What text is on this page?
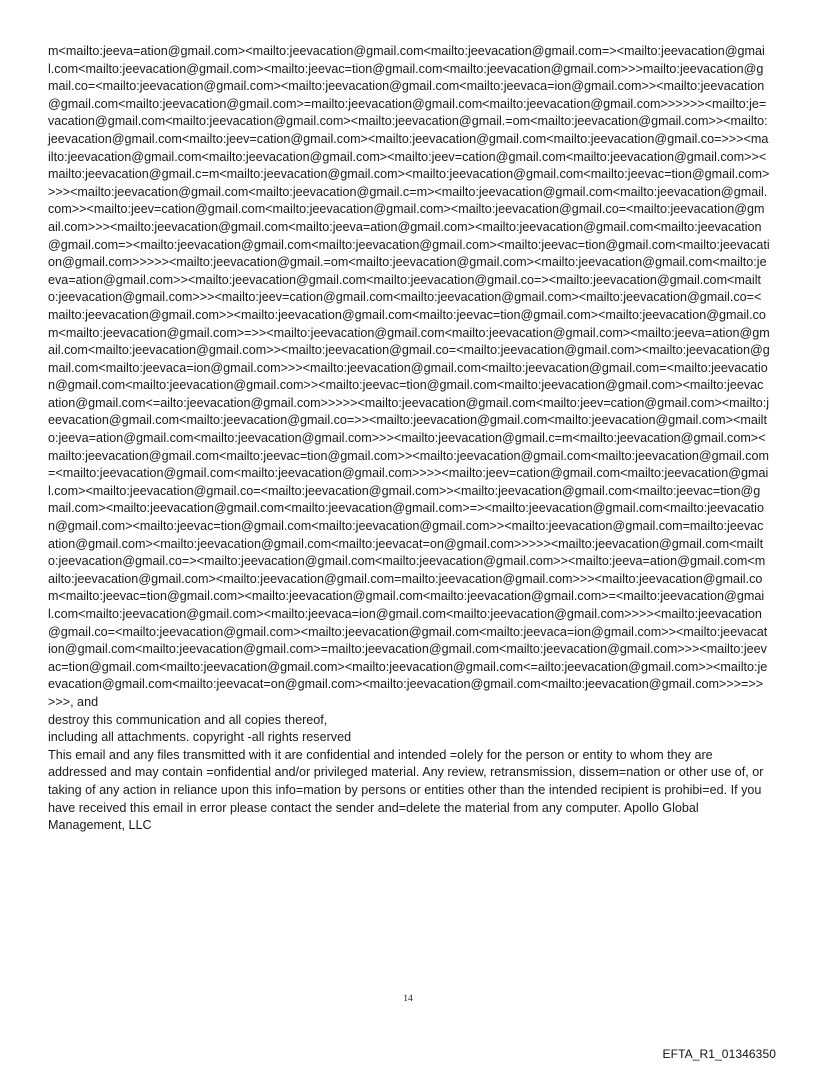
m<mailto:jeeva=ation@gmail.com><mailto:jeevacation@gmail.com<mailto:jeevacation@gmail.com=><mailto:jeevacation@gmail.com<mailto:jeevacation@gmail.com><mailto:jeevac=tion@gmail.com<mailto:jeevacation@gmail.com>>>mailto:jeevacation@gmail.co=<mailto:jeevacation@gmail.com><mailto:jeevacation@gmail.com<mailto:jeevaca=ion@gmail.com>><mailto:jeevacation@gmail.com<mailto:jeevacation@gmail.com>=mailto:jeevacation@gmail.com<mailto:jeevacation@gmail.com>>>>>><mailto:je=vacation@gmail.com<mailto:jeevacation@gmail.com><mailto:jeevacation@gmail.=om<mailto:jeevacation@gmail.com>><mailto:jeevacation@gmail.com<mailto:jeev=cation@gmail.com><mailto:jeevacation@gmail.com<mailto:jeevacation@gmail.co=>>><mailto:jeevacation@gmail.com<mailto:jeevacation@gmail.com><mailto:jeev=cation@gmail.com<mailto:jeevacation@gmail.com>><mailto:jeevacation@gmail.c=m<mailto:jeevacation@gmail.com><mailto:jeevacation@gmail.com<mailto:jeevac=tion@gmail.com>>>><mailto:jeevacation@gmail.com<mailto:jeevacation@gmail.c=m><mailto:jeevacation@gmail.com<mailto:jeevacation@gmail.com>><mailto:jeev=cation@gmail.com<mailto:jeevacation@gmail.com><mailto:jeevacation@gmail.co=<mailto:jeevacation@gmail.com>>><mailto:jeevacation@gmail.com<mailto:jeeva=ation@gmail.com><mailto:jeevacation@gmail.com<mailto:jeevacation@gmail.com=><mailto:jeevacation@gmail.com<mailto:jeevacation@gmail.com><mailto:jeevac=tion@gmail.com<mailto:jeevacation@gmail.com>>>>><mailto:jeevacation@gmail.=om<mailto:jeevacation@gmail.com><mailto:jeevacation@gmail.com<mailto:jeeva=ation@gmail.com>><mailto:jeevacation@gmail.com<mailto:jeevacation@gmail.co=><mailto:jeevacation@gmail.com<mailto:jeevacation@gmail.com>>><mailto:jeev=cation@gmail.com<mailto:jeevacation@gmail.com><mailto:jeevacation@gmail.co=<mailto:jeevacation@gmail.com>><mailto:jeevacation@gmail.com<mailto:jeevac=tion@gmail.com><mailto:jeevacation@gmail.com<mailto:jeevacation@gmail.com>=>><mailto:jeevacation@gmail.com<mailto:jeevacation@gmail.com><mailto:jeeva=ation@gmail.com<mailto:jeevacation@gmail.com>><mailto:jeevacation@gmail.co=<mailto:jeevacation@gmail.com><mailto:jeevacation@gmail.com<mailto:jeevaca=ion@gmail.com>>><mailto:jeevacation@gmail.com<mailto:jeevacation@gmail.com=<mailto:jeevacation@gmail.com<mailto:jeevacation@gmail.com>><mailto:jeevac=tion@gmail.com<mailto:jeevacation@gmail.com><mailto:jeevacation@gmail.com<=ailto:jeevacation@gmail.com>>>>><mailto:jeevacation@gmail.com<mailto:jeev=cation@gmail.com><mailto:jeevacation@gmail.com<mailto:jeevacation@gmail.co=>><mailto:jeevacation@gmail.com<mailto:jeevacation@gmail.com><mailto:jeeva=ation@gmail.com<mailto:jeevacation@gmail.com>>><mailto:jeevacation@gmail.c=m<mailto:jeevacation@gmail.com><mailto:jeevacation@gmail.com<mailto:jeevac=tion@gmail.com>><mailto:jeevacation@gmail.com<mailto:jeevacation@gmail.com=<mailto:jeevacation@gmail.com<mailto:jeevacation@gmail.com>>>><mailto:jeev=cation@gmail.com<mailto:jeevacation@gmail.com><mailto:jeevacation@gmail.co=<mailto:jeevacation@gmail.com>><mailto:jeevacation@gmail.com<mailto:jeevac=tion@gmail.com><mailto:jeevacation@gmail.com<mailto:jeevacation@gmail.com>=><mailto:jeevacation@gmail.com<mailto:jeevacation@gmail.com><mailto:jeevac=tion@gmail.com<mailto:jeevacation@gmail.com>><mailto:jeevacation@gmail.com=mailto:jeevacation@gmail.com><mailto:jeevacation@gmail.com<mailto:jeevacat=on@gmail.com>>>>><mailto:jeevacation@gmail.com<mailto:jeevacation@gmail.co=><mailto:jeevacation@gmail.com<mailto:jeevacation@gmail.com>><mailto:jeeva=ation@gmail.com<mailto:jeevacation@gmail.com><mailto:jeevacation@gmail.com=mailto:jeevacation@gmail.com>>><mailto:jeevacation@gmail.com<mailto:jeevac=tion@gmail.com><mailto:jeevacation@gmail.com<mailto:jeevacation@gmail.com>=<mailto:jeevacation@gmail.com<mailto:jeevacation@gmail.com><mailto:jeevaca=ion@gmail.com<mailto:jeevacation@gmail.com>>>><mailto:jeevacation@gmail.co=<mailto:jeevacation@gmail.com><mailto:jeevacation@gmail.com<mailto:jeevaca=ion@gmail.com>><mailto:jeevacation@gmail.com<mailto:jeevacation@gmail.com>=mailto:jeevacation@gmail.com<mailto:jeevacation@gmail.com>>><mailto:jeevac=tion@gmail.com<mailto:jeevacation@gmail.com><mailto:jeevacation@gmail.com<=ailto:jeevacation@gmail.com>><mailto:jeevacation@gmail.com<mailto:jeevacat=on@gmail.com><mailto:jeevacation@gmail.com<mailto:jeevacation@gmail.com>>>=>>>>>, and
destroy this communication and all copies thereof,
including all attachments. copyright -all rights reserved
This email and any files transmitted with it are confidential and intended =olely for the person or entity to whom they are addressed and may contain =onfidential and/or privileged material. Any review, retransmission, dissem=nation or other use of, or taking of any action in reliance upon this info=mation by persons or entities other than the intended recipient is prohibi=ed. If you have received this email in error please contact the sender and=delete the material from any computer. Apollo Global Management, LLC
14
EFTA_R1_01346350
